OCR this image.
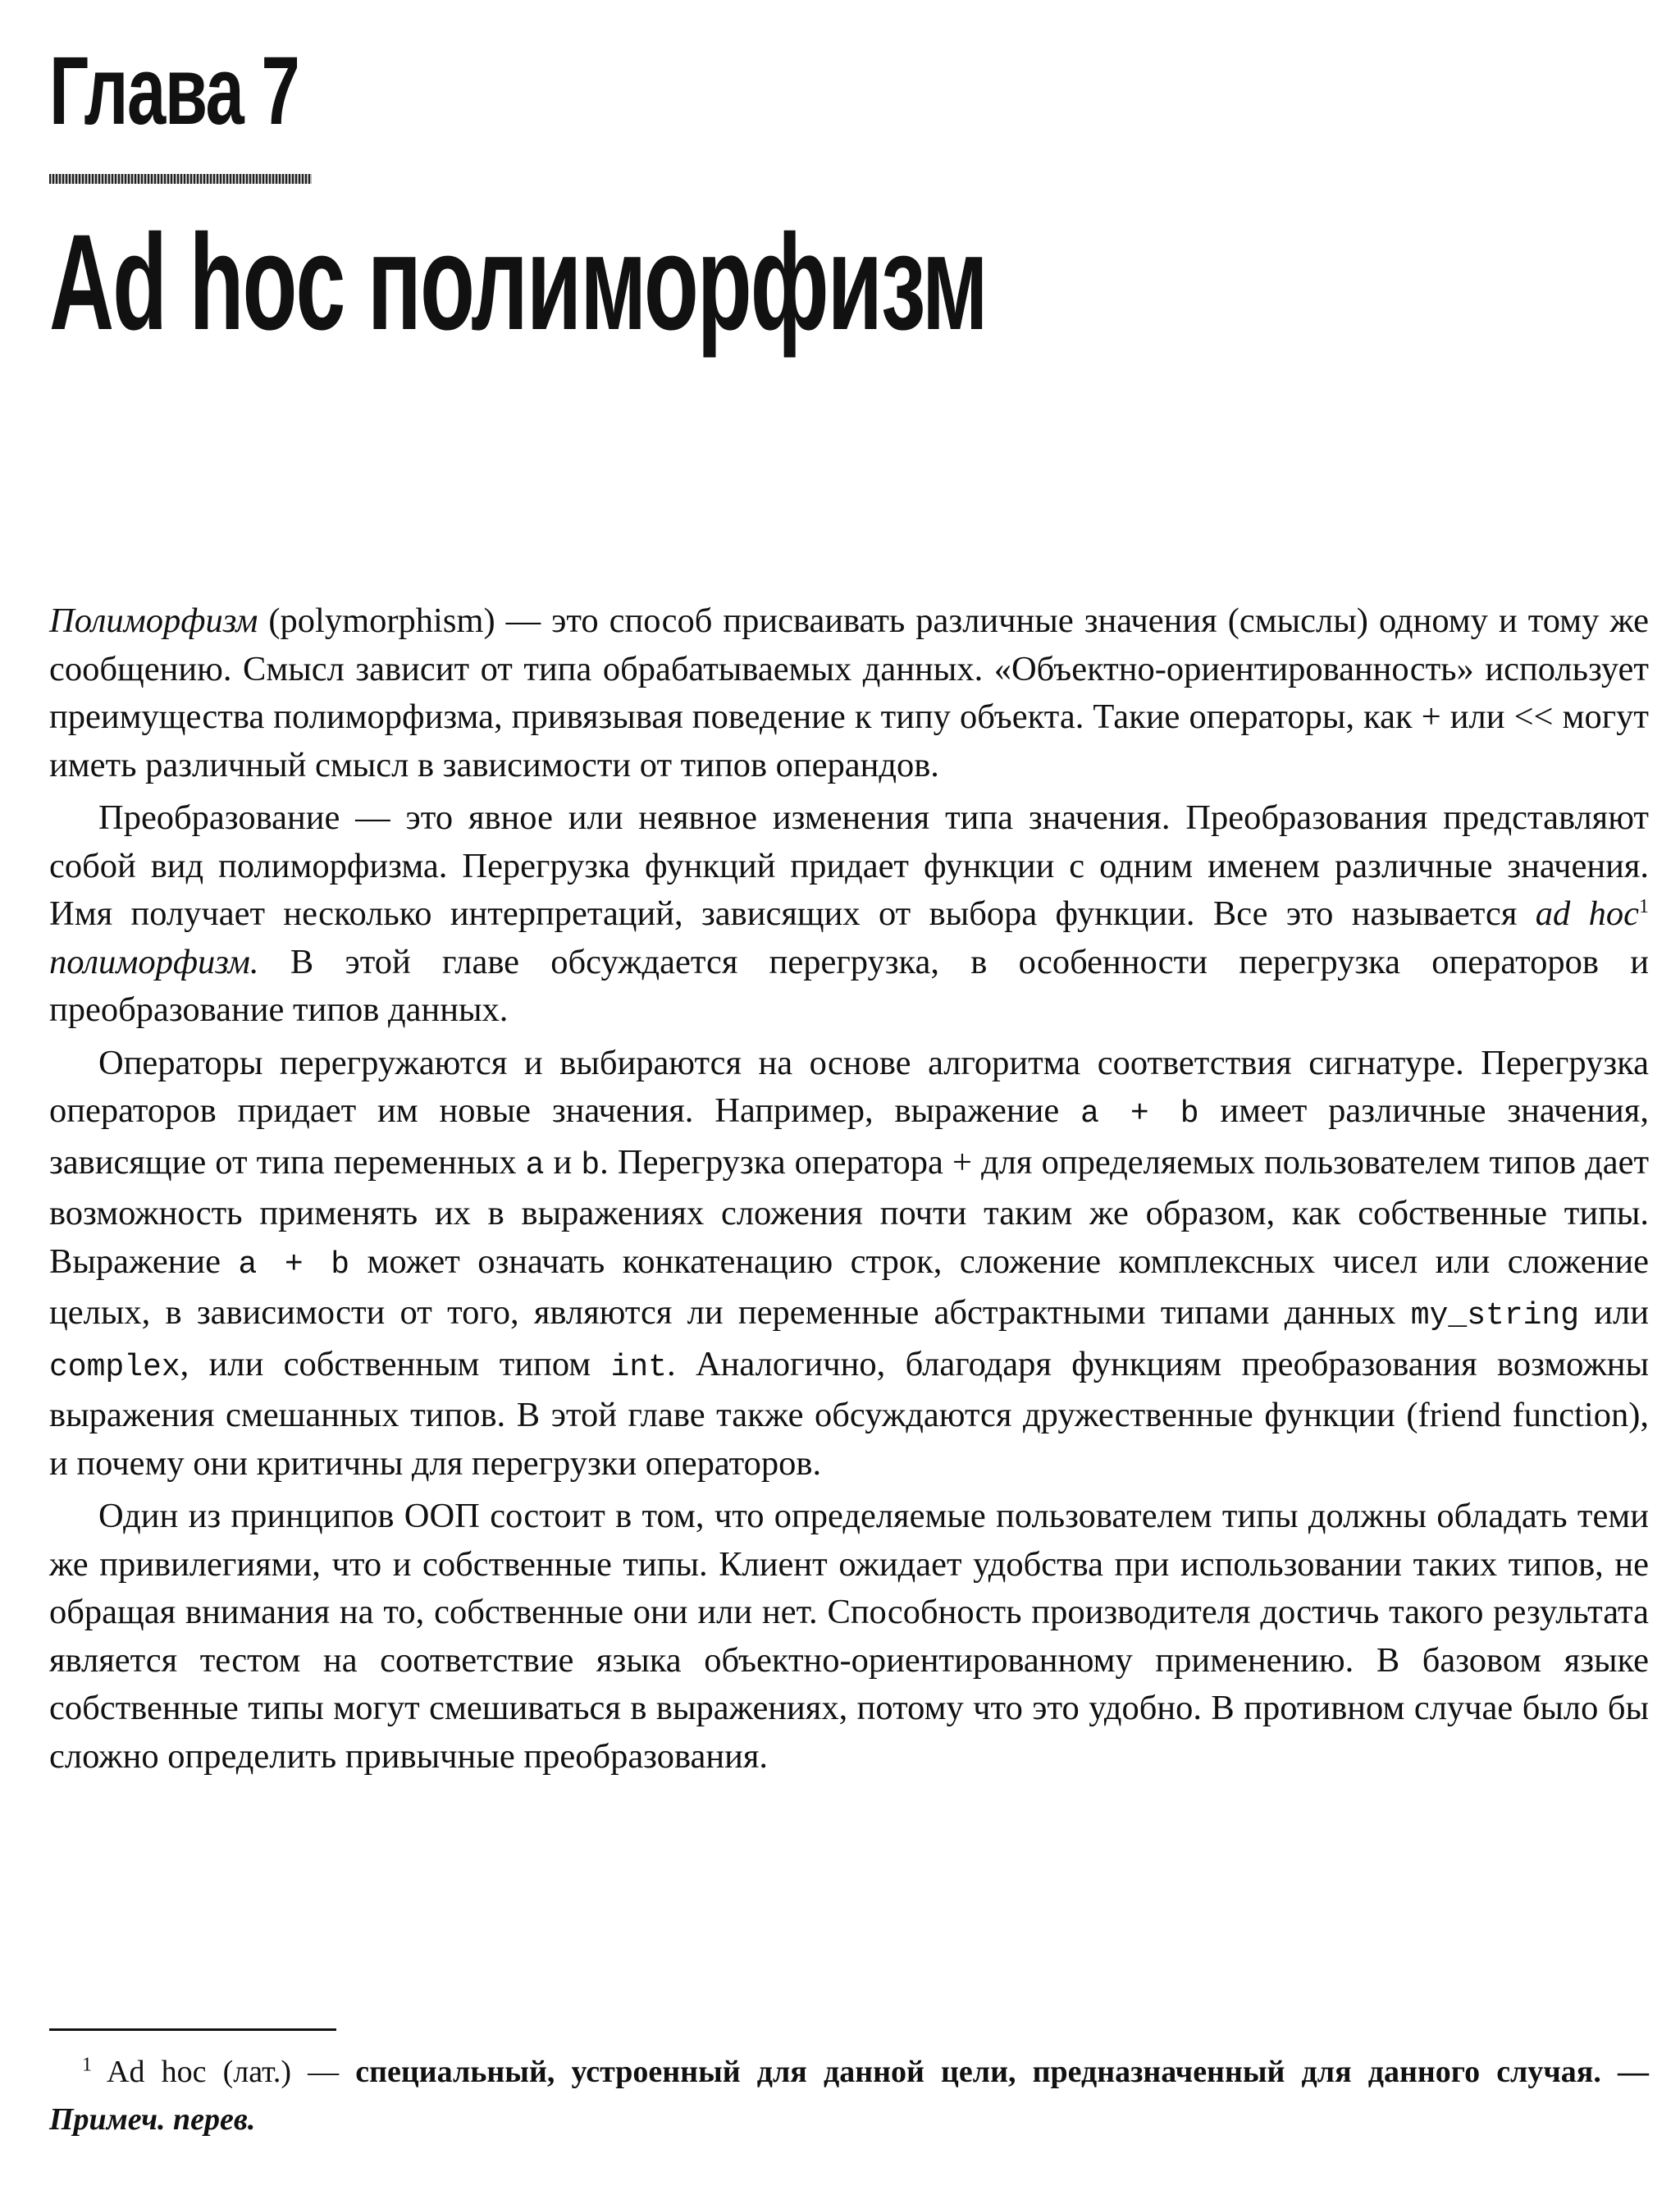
Глава 7
Ad hoc полиморфизм

Полиморфизм (polymorphism) — это способ присваивать различные значения (смыслы) одному и тому же сообщению. Смысл зависит от типа обрабатываемых данных. «Объектно-ориентированность» использует преимущества полиморфизма, привязывая поведение к типу объекта. Такие операторы, как + или << могут иметь различный смысл в зависимости от типов операндов.

Преобразование — это явное или неявное изменения типа значения. Преобразования представляют собой вид полиморфизма. Перегрузка функций придает функции с одним именем различные значения. Имя получает несколько интерпретаций, зависящих от выбора функции. Все это называется ad hoc$^1$ полиморфизм. В этой главе обсуждается перегрузка, в особенности перегрузка операторов и преобразование типов данных.

Операторы перегружаются и выбираются на основе алгоритма соответствия сигнатуре. Перегрузка операторов придает им новые значения. Например, выражение a + b имеет различные значения, зависящие от типа переменных a и b. Перегрузка оператора + для определяемых пользователем типов дает возможность применять их в выражениях сложения почти таким же образом, как собственные типы. Выражение a + b может означать конкатенацию строк, сложение комплексных чисел или сложение целых, в зависимости от того, являются ли переменные абстрактными типами данных my_string или complex, или собственным типом int. Аналогично, благодаря функциям преобразования возможны выражения смешанных типов. В этой главе также обсуждаются дружественные функции (friend function), и почему они критичны для перегрузки операторов.

Один из принципов ООП состоит в том, что определяемые пользователем типы должны обладать теми же привилегиями, что и собственные типы. Клиент ожидает удобства при использовании таких типов, не обращая внимания на то, собственные они или нет. Способность производителя достичь такого результата является тестом на соответствие языка объектно-ориентированному применению. В базовом языке собственные типы могут смешиваться в выражениях, потому что это удобно. В противном случае было бы сложно определить привычные преобразования.

$^1$ Ad hoc (лат.) — специальный, устроенный для данной цели, предназначенный для данного случая. — Примеч. перев.
